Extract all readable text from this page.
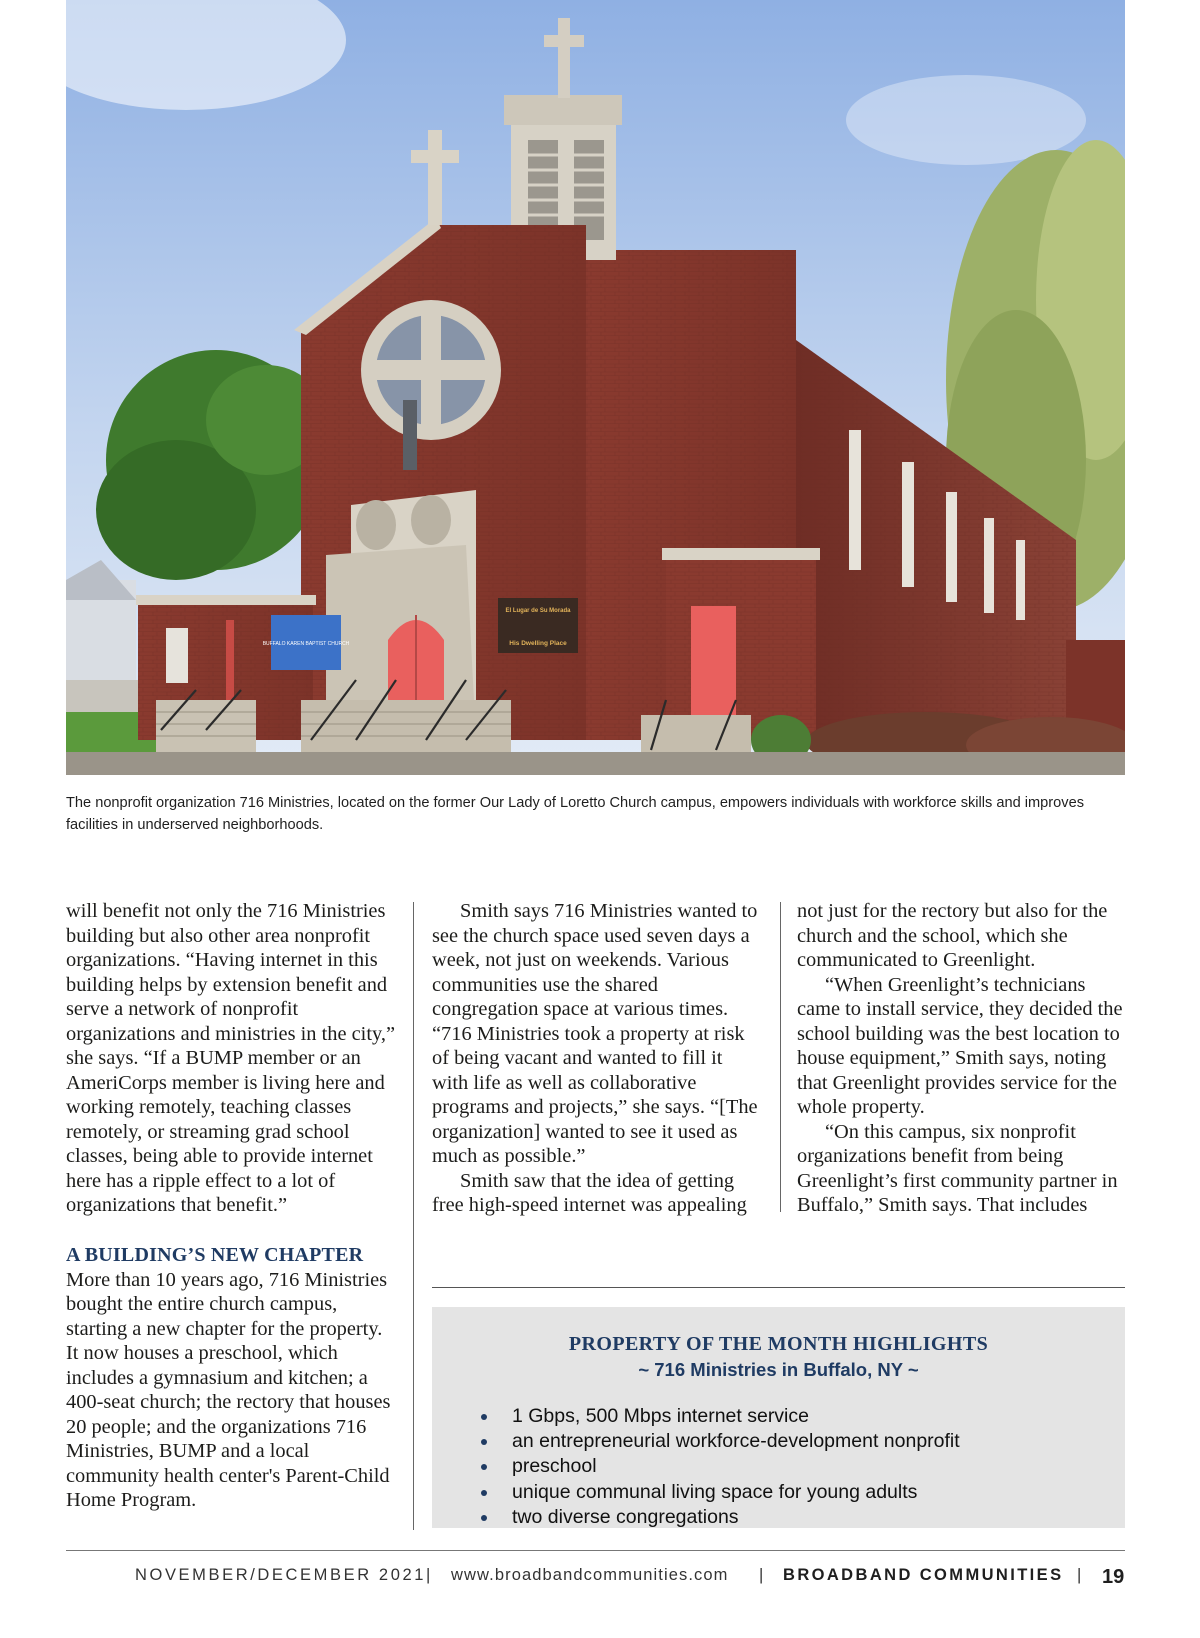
BUFFALO KAREN BAPTIST CHURCH
El Lugar de Su Morada
His Dwelling Place
The nonprofit organization 716 Ministries, located on the former Our Lady of Loretto Church campus, empowers individuals with workforce skills and improves facilities in underserved neighborhoods.

will benefit not only the 716 Ministries building but also other area nonprofit organizations. “Having internet in this building helps by extension benefit and serve a network of nonprofit organizations and ministries in the city,” she says. “If a BUMP member or an AmeriCorps member is living here and working remotely, teaching classes remotely, or streaming grad school classes, being able to provide internet here has a ripple effect to a lot of organizations that benefit.”

A BUILDING’S NEW CHAPTER

More than 10 years ago, 716 Ministries bought the entire church campus, starting a new chapter for the property. It now houses a preschool, which includes a gymnasium and kitchen; a 400-seat church; the rectory that houses 20 people; and the organizations 716 Ministries, BUMP and a local community health center's Parent-Child Home Program.

Smith says 716 Ministries wanted to see the church space used seven days a week, not just on weekends. Various communities use the shared congregation space at various times. “716 Ministries took a property at risk of being vacant and wanted to fill it with life as well as collaborative programs and projects,” she says. “[The organization] wanted to see it used as much as possible.”

Smith saw that the idea of getting free high-speed internet was appealing

not just for the rectory but also for the church and the school, which she communicated to Greenlight.

“When Greenlight’s technicians came to install service, they decided the school building was the best location to house equipment,” Smith says, noting that Greenlight provides service for the whole property.

“On this campus, six nonprofit organizations benefit from being Greenlight’s first community partner in Buffalo,” Smith says. That includes

PROPERTY OF THE MONTH HIGHLIGHTS
~ 716 Ministries in Buffalo, NY ~
1 Gbps, 500 Mbps internet service
an entrepreneurial workforce-development nonprofit
preschool
unique communal living space for young adults
two diverse congregations
NOVEMBER/DECEMBER 2021 | www.broadbandcommunities.com | BROADBAND COMMUNITIES | 19
